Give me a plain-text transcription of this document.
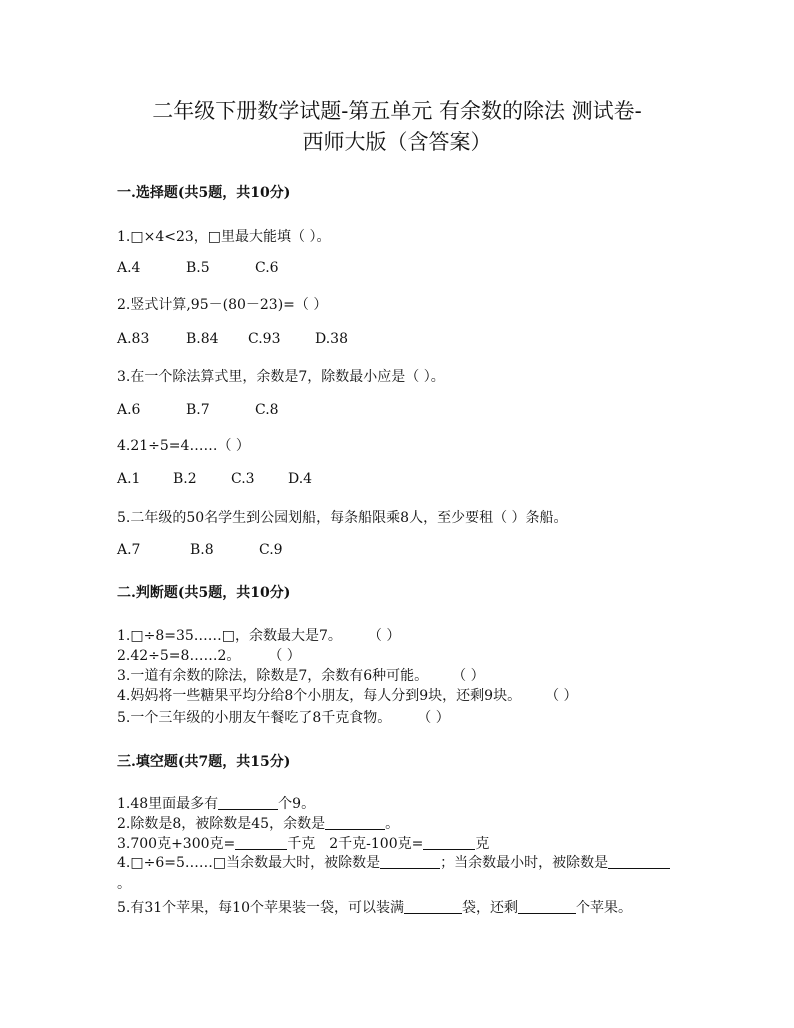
二年级下册数学试题-第五单元 有余数的除法 测试卷-
西师大版（含答案）
一.选择题(共5题，共10分)
1.□×4<23，□里最大能填（ ）。
A.4	B.5	C.6
2.竖式计算,95－(80－23)=（ ）
A.83	B.84 C.93 D.38
3.在一个除法算式里，余数是7，除数最小应是（ ）。
A.6	B.7	C.8
4.21÷5=4……（ ）
A.1 B.2 C.3 D.4
5.二年级的50名学生到公园划船，每条船限乘8人，至少要租（ ）条船。
A.7	B.8	C.9
二.判断题(共5题，共10分)
1.□÷8=35……□，余数最大是7。 （ ）
2.42÷5=8……2。 （ ）
3.一道有余数的除法，除数是7，余数有6种可能。 （ ）
4.妈妈将一些糖果平均分给8个小朋友，每人分到9块，还剩9块。 （ ）
5.一个三年级的小朋友午餐吃了8千克食物。 （ ）
三.填空题(共7题，共15分)
1.48里面最多有	个9。
2.除数是8，被除数是45，余数是	。
3.700克+300克=	千克 2千克-100克=	克
4.□÷6=5……□当余数最大时，被除数是	；当余数最小时，被除数是。
5.有31个苹果，每10个苹果装一袋，可以装满	袋，还剩	个苹果。
